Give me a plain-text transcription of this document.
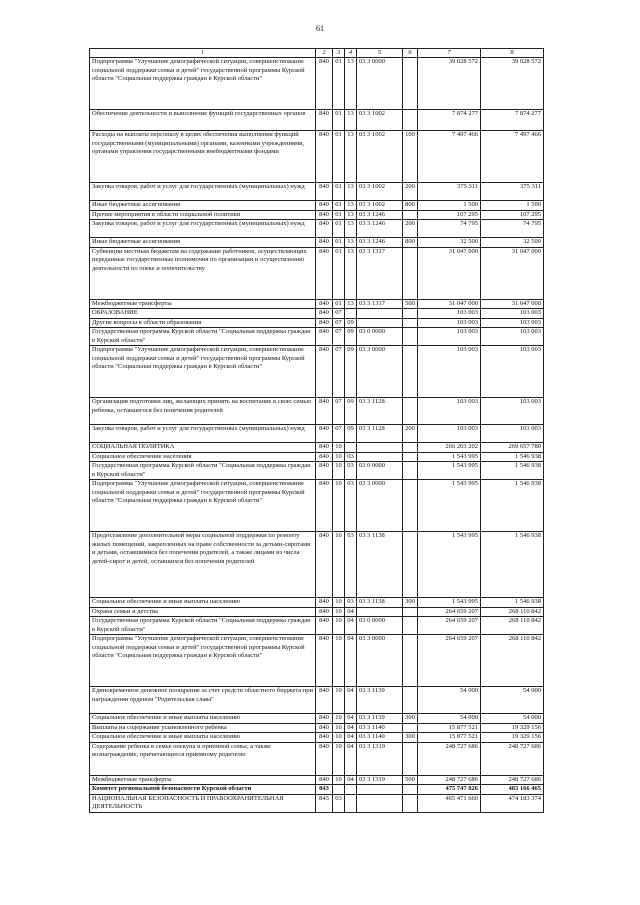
61
1	2	3	4	5	6	7	8
Подпрограмма "Улучшение демографической ситуации, совершенствование социальной поддержки семьи и детей" государственной программы Курской области "Социальная поддержка граждан в Курской области"	840	01	13	03 3 0000		39 028 572	39 028 572
Обеспечение деятельности и выполнение функций государственных органов	840	01	13	03 3 1002		7 874 277	7 874 277
Расходы на выплаты персоналу в целях обеспечения выполнения функций государственными (муниципальными) органами, казенными учреждениями, органами управления государственными внебюджетными фондами	840	01	13	03 3 1002	100	7 497 466	7 497 466
Закупка товаров, работ и услуг для государственных (муниципальных) нужд	840	01	13	03 3 1002	200	375 311	375 311
Иные бюджетные ассигнования	840	01	13	03 3 1002	800	1 500	1 500
Прочие мероприятия в области социальной политики	840	01	13	03 3 1246		107 295	107 295
Закупка товаров, работ и услуг для государственных (муниципальных) нужд	840	01	13	03 3 1246	200	74 795	74 795
Иные бюджетные ассигнования	840	01	13	03 3 1246	800	32 500	32 500
Субвенции местным бюджетам на содержание работников, осуществляющих переданные государственные полномочия по организации и осуществлению деятельности по опеке и попечительству	840	01	13	03 3 1317		31 047 000	31 047 000
Межбюджетные трансферты	840	01	13	03 3 1317	500	31 047 000	31 047 000
ОБРАЗОВАНИЕ	840	07				103 003	103 003
Другие вопросы в области образования	840	07	09			103 003	103 003
Государственная программа Курской области "Социальная поддержка граждан в Курской области"	840	07	09	03 0 0000		103 003	103 003
Подпрограмма "Улучшение демографической ситуации, совершенствование социальной поддержки семьи и детей" государственной программы Курской области "Социальная поддержка граждан в Курской области"	840	07	09	03 3 0000		103 003	103 003
Организация подготовки лиц, желающих принять на воспитание в свою семью ребенка, оставшегося без попечения родителей	840	07	09	03 3 1128		103 003	103 003
Закупка товаров, работ и услуг для государственных (муниципальных) нужд	840	07	09	03 3 1128	200	103 003	103 003
СОЦИАЛЬНАЯ ПОЛИТИКА	840	10				266 203 202	269 657 780
Социальное обеспечение населения	840	10	03			1 543 995	1 546 938
Государственная программа Курской области "Социальная поддержка граждан в Курской области"	840	10	03	03 0 0000		1 543 995	1 546 938
Подпрограмма "Улучшение демографической ситуации, совершенствование социальной поддержки семьи и детей" государственной программы Курской области "Социальная поддержка граждан в Курской области"	840	10	03	03 3 0000		1 543 995	1 546 938
Предоставление дополнительной меры социальной поддержки по ремонту жилых помещений, закрепленных на праве собственности за детьми-сиротами и детьми, оставшимися без попечения родителей, а также лицами из числа детей-сирот и детей, оставшихся без попечения родителей	840	10	03	03 3 1138		1 543 995	1 546 938
Социальное обеспечение и иные выплаты населению	840	10	03	03 3 1138	300	1 543 995	1 546 938
Охрана семьи и детства	840	10	04			264 659 207	268 110 842
Государственная программа Курской области "Социальная поддержка граждан в Курской области"	840	10	04	03 0 0000		264 659 207	268 110 842
Подпрограмма "Улучшение демографической ситуации, совершенствование социальной поддержки семьи и детей" государственной программы Курской области "Социальная поддержка граждан в Курской области"	840	10	04	03 3 0000		264 659 207	268 110 842
Единовременное денежное поощрение за счет средств областного бюджета при награждении орденом "Родительская слава"	840	10	04	03 3 1139		54 000	54 000
Социальное обеспечение и иные выплаты населению	840	10	04	03 3 1139	300	54 000	54 000
Выплаты на содержание усыновленного ребенка	840	10	04	03 3 1140		15 877 521	19 329 156
Социальное обеспечение и иные выплаты населению	840	10	04	03 3 1140	300	15 877 521	19 329 156
Содержание ребенка в семье опекуна и приемной семье, а также вознаграждение, причитающееся приемному родителю	840	10	04	03 3 1319		248 727 686	248 727 686
Межбюджетные трансферты	840	10	04	03 3 1319	500	248 727 686	248 727 686
Комитет региональной безопасности Курской области	843					475 747 026	483 166 465
НАЦИОНАЛЬНАЯ БЕЗОПАСНОСТЬ И ПРАВООХРАНИТЕЛЬНАЯ ДЕЯТЕЛЬНОСТЬ	843	03				465 471 660	474 183 374
